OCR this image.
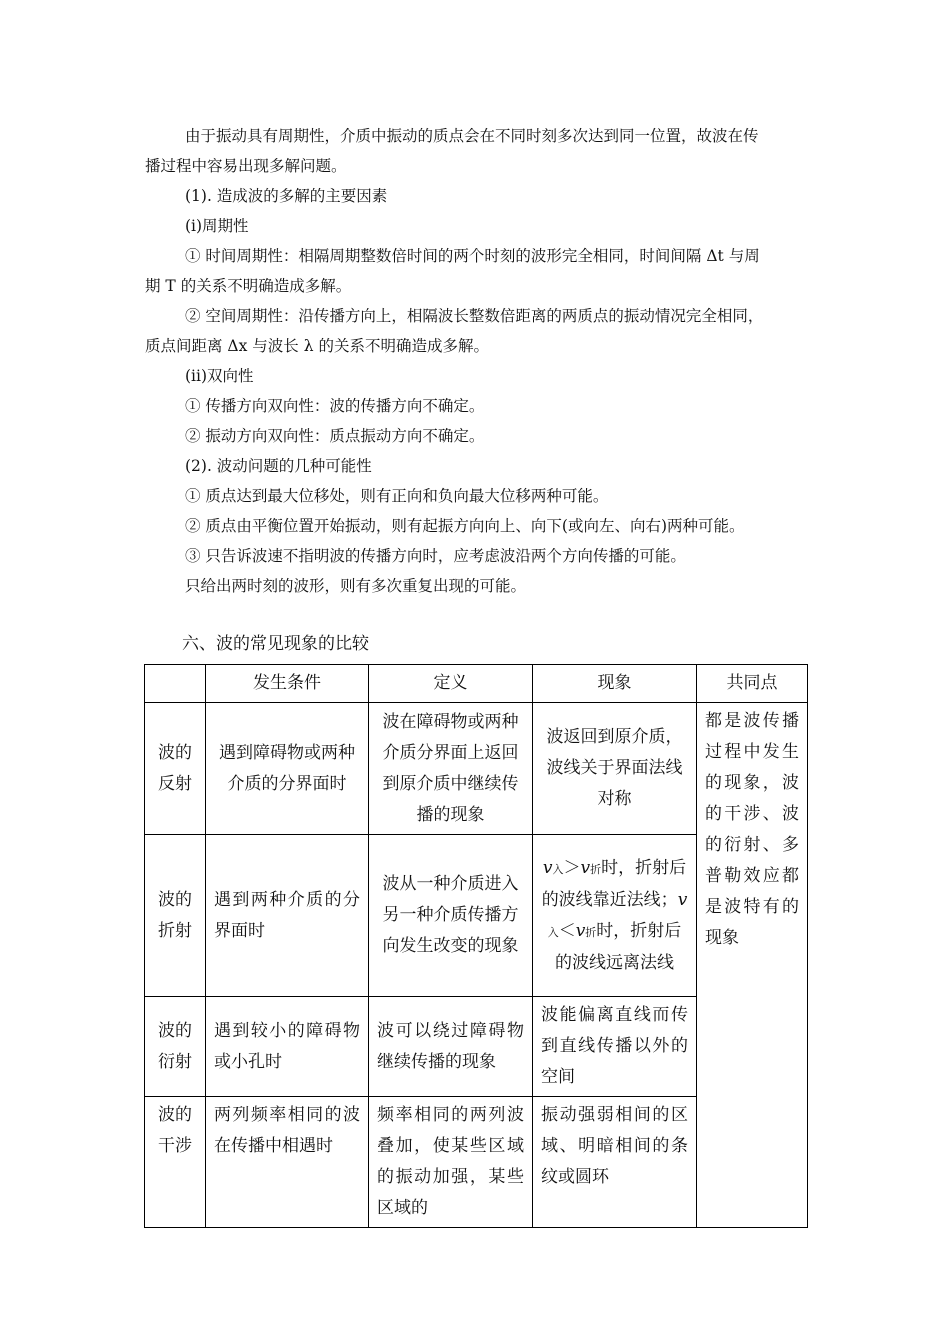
由于振动具有周期性，介质中振动的质点会在不同时刻多次达到同一位置，故波在传
播过程中容易出现多解问题。
(1). 造成波的多解的主要因素
(i)周期性
① 时间周期性：相隔周期整数倍时间的两个时刻的波形完全相同，时间间隔 Δt 与周
期 T 的关系不明确造成多解。
② 空间周期性：沿传播方向上，相隔波长整数倍距离的两质点的振动情况完全相同，
质点间距离 Δx 与波长 λ 的关系不明确造成多解。
(ii)双向性
① 传播方向双向性：波的传播方向不确定。
② 振动方向双向性：质点振动方向不确定。
(2). 波动问题的几种可能性
① 质点达到最大位移处，则有正向和负向最大位移两种可能。
② 质点由平衡位置开始振动，则有起振方向向上、向下(或向左、向右)两种可能。
③ 只告诉波速不指明波的传播方向时，应考虑波沿两个方向传播的可能。
只给出两时刻的波形，则有多次重复出现的可能。
六、波的常见现象的比较
	发生条件	定义	现象	共同点
波的反射	遇到障碍物或两种介质的分界面时	波在障碍物或两种介质分界面上返回到原介质中继续传播的现象	波返回到原介质，波线关于界面法线对称	都是波传播过程中发生的现象，波的干涉、波的衍射、多普勒效应都是波特有的现象
波的折射	遇到两种介质的分界面时	波从一种介质进入另一种介质传播方向发生改变的现象	v入＞v折时，折射后的波线靠近法线；v入＜v折时，折射后的波线远离法线	
波的衍射	遇到较小的障碍物或小孔时	波可以绕过障碍物继续传播的现象	波能偏离直线而传到直线传播以外的空间	
波的干涉	两列频率相同的波在传播中相遇时	频率相同的两列波叠加，使某些区域的振动加强，某些区域的	振动强弱相间的区域、明暗相间的条纹或圆环	
